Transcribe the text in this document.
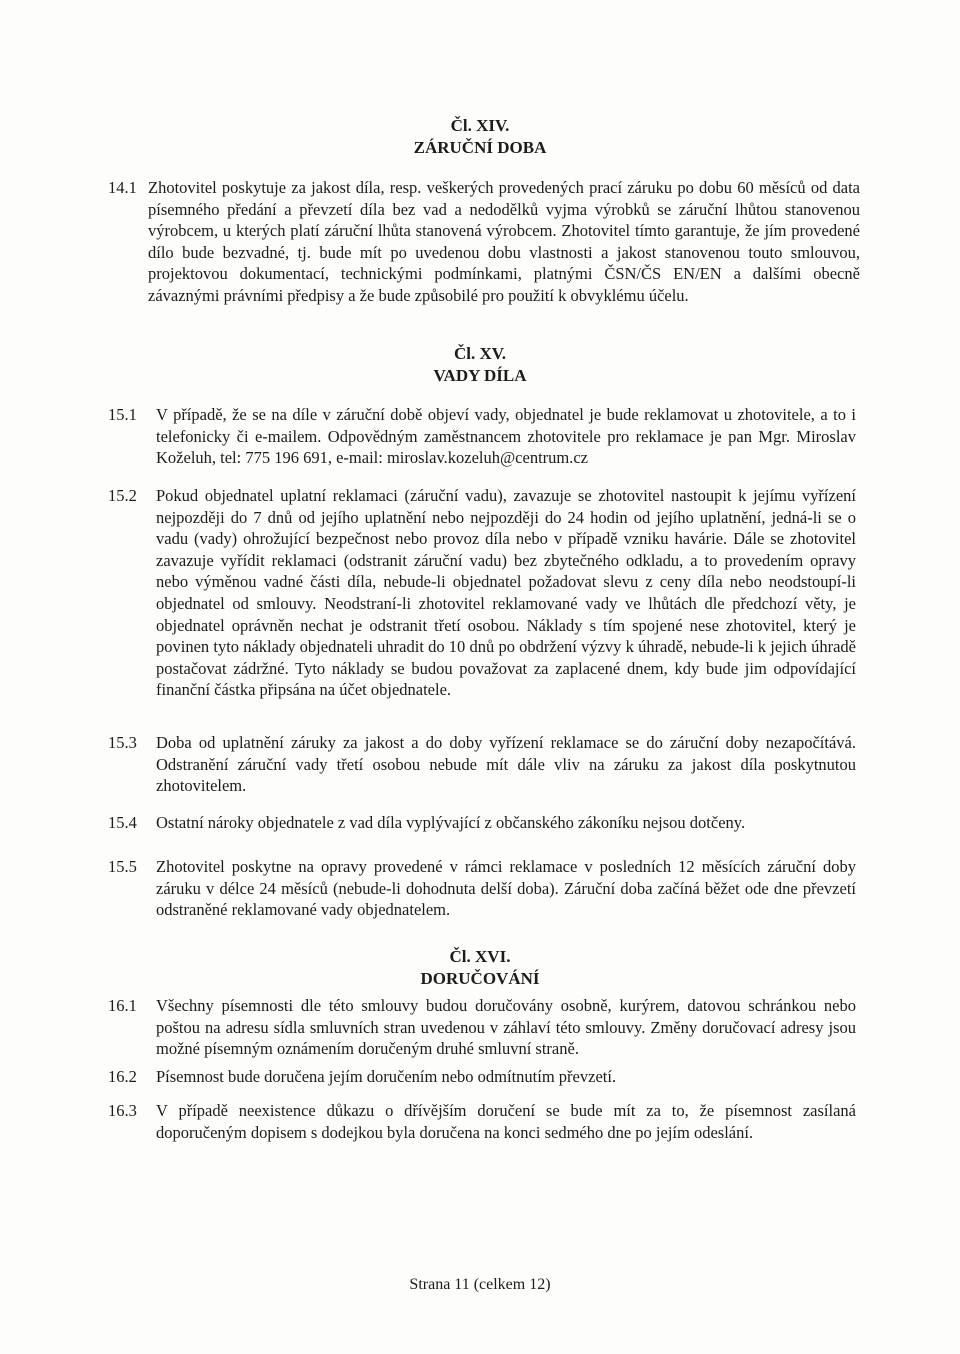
Čl. XIV.
ZÁRUČNÍ DOBA
14.1 Zhotovitel poskytuje za jakost díla, resp. veškerých provedených prací záruku po dobu 60 měsíců od data písemného předání a převzetí díla bez vad a nedodělků vyjma výrobků se záruční lhůtou stanovenou výrobcem, u kterých platí záruční lhůta stanovená výrobcem. Zhotovitel tímto garantuje, že jím provedené dílo bude bezvadné, tj. bude mít po uvedenou dobu vlastnosti a jakost stanovenou touto smlouvou, projektovou dokumentací, technickými podmínkami, platnými ČSN/ČS EN/EN a dalšími obecně závaznými právními předpisy a že bude způsobilé pro použití k obvyklému účelu.

Čl. XV.
VADY DÍLA
15.1 V případě, že se na díle v záruční době objeví vady, objednatel je bude reklamovat u zhotovitele, a to i telefonicky či e-mailem. Odpovědným zaměstnancem zhotovitele pro reklamace je pan Mgr. Miroslav Koželuh, tel: 775 196 691, e-mail: miroslav.kozeluh@centrum.cz

15.2 Pokud objednatel uplatní reklamaci (záruční vadu), zavazuje se zhotovitel nastoupit k jejímu vyřízení nejpozději do 7 dnů od jejího uplatnění nebo nejpozději do 24 hodin od jejího uplatnění, jedná-li se o vadu (vady) ohrožující bezpečnost nebo provoz díla nebo v případě vzniku havárie. Dále se zhotovitel zavazuje vyřídit reklamaci (odstranit záruční vadu) bez zbytečného odkladu, a to provedením opravy nebo výměnou vadné části díla, nebude-li objednatel požadovat slevu z ceny díla nebo neodstoupí-li objednatel od smlouvy. Neodstraní-li zhotovitel reklamované vady ve lhůtách dle předchozí věty, je objednatel oprávněn nechat je odstranit třetí osobou. Náklady s tím spojené nese zhotovitel, který je povinen tyto náklady objednateli uhradit do 10 dnů po obdržení výzvy k úhradě, nebude-li k jejich úhradě postačovat zádržné. Tyto náklady se budou považovat za zaplacené dnem, kdy bude jim odpovídající finanční částka připsána na účet objednatele.

15.3 Doba od uplatnění záruky za jakost a do doby vyřízení reklamace se do záruční doby nezapočítává. Odstranění záruční vady třetí osobou nebude mít dále vliv na záruku za jakost díla poskytnutou zhotovitelem.

15.4 Ostatní nároky objednatele z vad díla vyplývající z občanského zákoníku nejsou dotčeny.

15.5 Zhotovitel poskytne na opravy provedené v rámci reklamace v posledních 12 měsících záruční doby záruku v délce 24 měsíců (nebude-li dohodnuta delší doba). Záruční doba začíná běžet ode dne převzetí odstraněné reklamované vady objednatelem.

Čl. XVI.
DORUČOVÁNÍ
16.1 Všechny písemnosti dle této smlouvy budou doručovány osobně, kurýrem, datovou schránkou nebo poštou na adresu sídla smluvních stran uvedenou v záhlaví této smlouvy. Změny doručovací adresy jsou možné písemným oznámením doručeným druhé smluvní straně.

16.2 Písemnost bude doručena jejím doručením nebo odmítnutím převzetí.

16.3 V případě neexistence důkazu o dřívějším doručení se bude mít za to, že písemnost zasílaná doporučeným dopisem s dodejkou byla doručena na konci sedmého dne po jejím odeslání.

Strana 11 (celkem 12)
